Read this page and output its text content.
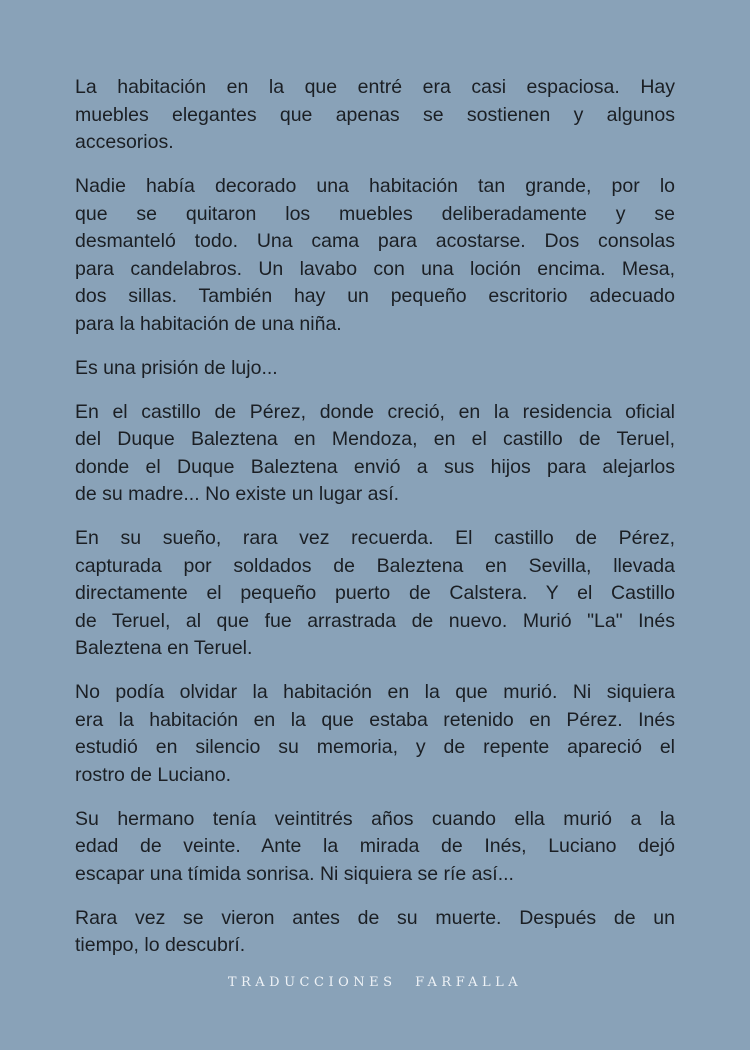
La habitación en la que entré era casi espaciosa. Hay
muebles elegantes que apenas se sostienen y algunos
accesorios.
Nadie había decorado una habitación tan grande, por lo
que se quitaron los muebles deliberadamente y se
desmanteló todo. Una cama para acostarse. Dos consolas
para candelabros. Un lavabo con una loción encima. Mesa,
dos sillas. También hay un pequeño escritorio adecuado
para la habitación de una niña.
Es una prisión de lujo...
En el castillo de Pérez, donde creció, en la residencia oficial
del Duque Baleztena en Mendoza, en el castillo de Teruel,
donde el Duque Baleztena envió a sus hijos para alejarlos
de su madre... No existe un lugar así.
En su sueño, rara vez recuerda. El castillo de Pérez,
capturada por soldados de Baleztena en Sevilla, llevada
directamente el pequeño puerto de Calstera. Y el Castillo
de Teruel, al que fue arrastrada de nuevo. Murió "La" Inés
Baleztena en Teruel.
No podía olvidar la habitación en la que murió. Ni siquiera
era la habitación en la que estaba retenido en Pérez. Inés
estudió en silencio su memoria, y de repente apareció el
rostro de Luciano.
Su hermano tenía veintitrés años cuando ella murió a la
edad de veinte. Ante la mirada de Inés, Luciano dejó
escapar una tímida sonrisa. Ni siquiera se ríe así...
Rara vez se vieron antes de su muerte. Después de un
tiempo, lo descubrí.
TRADUCCIONES FARFALLA
